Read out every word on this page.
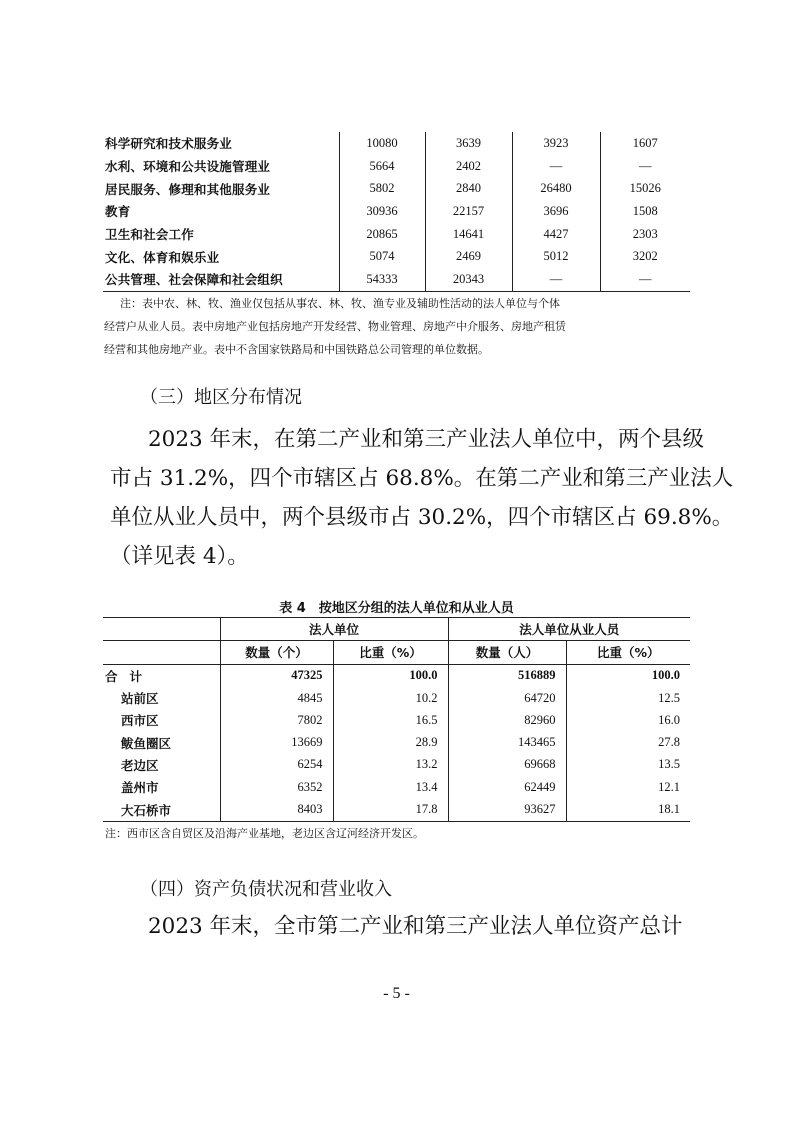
科学研究和技术服务业	10080	3639	3923	1607
水利、环境和公共设施管理业	5664	2402	—	—
居民服务、修理和其他服务业	5802	2840	26480	15026
教育	30936	22157	3696	1508
卫生和社会工作	20865	14641	4427	2303
文化、体育和娱乐业	5074	2469	5012	3202
公共管理、社会保障和社会组织	54333	20343	—	—
注：表中农、林、牧、渔业仅包括从事农、林、牧、渔专业及辅助性活动的法人单位与个体
经营户从业人员。表中房地产业包括房地产开发经营、物业管理、房地产中介服务、房地产租赁
经营和其他房地产业。表中不含国家铁路局和中国铁路总公司管理的单位数据。
（三）地区分布情况
2023 年末，在第二产业和第三产业法人单位中，两个县级
市占 31.2%，四个市辖区占 68.8%。在第二产业和第三产业法人
单位从业人员中，两个县级市占 30.2%，四个市辖区占 69.8%。
（详见表 4）。
表 4　按地区分组的法人单位和从业人员
	法人单位		法人单位从业人员	
	数量（个）	比重（%）	数量（人）	比重（%）
合计	47325	100.0	516889	100.0
站前区	4845	10.2	64720	12.5
西市区	7802	16.5	82960	16.0
鲅鱼圈区	13669	28.9	143465	27.8
老边区	6254	13.2	69668	13.5
盖州市	6352	13.4	62449	12.1
大石桥市	8403	17.8	93627	18.1
注：西市区含自贸区及沿海产业基地，老边区含辽河经济开发区。
（四）资产负债状况和营业收入
2023 年末，全市第二产业和第三产业法人单位资产总计
- 5 -
